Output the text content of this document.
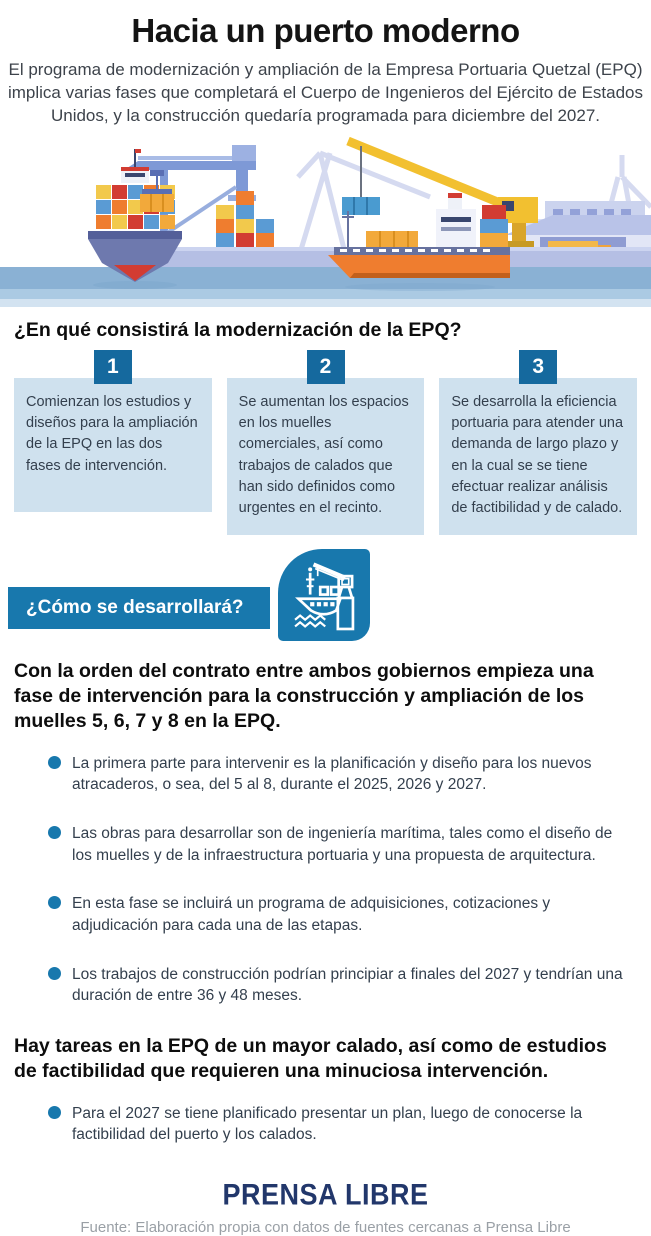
Hacia un puerto moderno

El programa de modernización y ampliación de la Empresa Portuaria Quetzal (EPQ) implica varias fases que completará el Cuerpo de Ingenieros del Ejército de Estados Unidos, y la construcción quedaría programada para diciembre del 2027.

¿En qué consistirá la modernización de la EPQ?
1
Comienzan los estudios y diseños para la ampliación de la EPQ en las dos fases de intervención.
2
Se aumentan los espacios en los muelles comerciales, así como trabajos de calados que han sido definidos como urgentes en el recinto.
3
Se desarrolla la eficiencia portuaria para atender una demanda de largo plazo y en la cual se se tiene efectuar realizar análisis de factibilidad y de calado.
¿Cómo se desarrollará?

Con la orden del contrato entre ambos gobiernos empieza una fase de intervención para la construcción y ampliación de los muelles 5, 6, 7 y 8 en la EPQ.

La primera parte para intervenir es la planificación y diseño para los nuevos atracaderos, o sea, del 5 al 8, durante el 2025, 2026 y 2027.
Las obras para desarrollar son de ingeniería marítima, tales como el diseño de los muelles y de la infraestructura portuaria y una propuesta de arquitectura.
En esta fase se incluirá un programa de adquisiciones, cotizaciones y adjudicación para cada una de las etapas.
Los trabajos de construcción podrían principiar a finales del 2027 y tendrían una duración de entre 36 y 48 meses.

Hay tareas en la EPQ de un mayor calado, así como de estudios de factibilidad que requieren una minuciosa intervención.

Para el 2027 se tiene planificado presentar un plan, luego de conocerse la factibilidad del puerto y los calados.
PRENSA LIBRE
Fuente: Elaboración propia con datos de fuentes cercanas a Prensa Libre
